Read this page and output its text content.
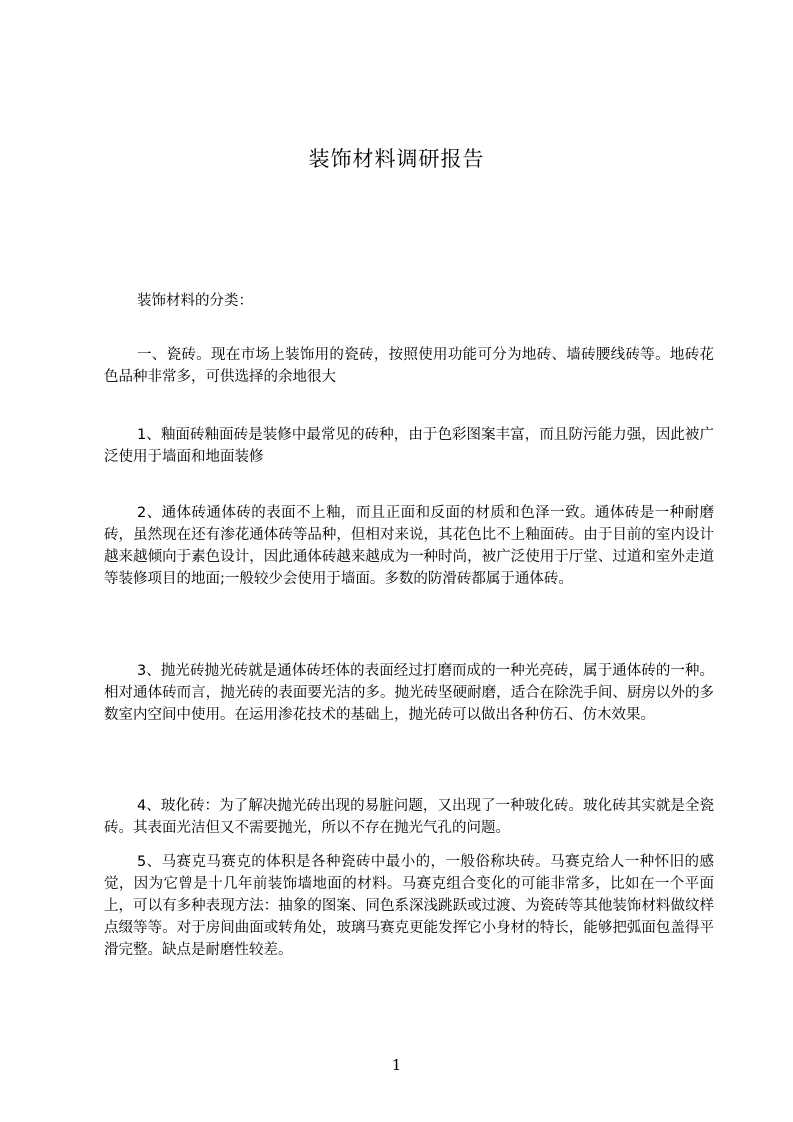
装饰材料调研报告
装饰材料的分类：

一、瓷砖。现在市场上装饰用的瓷砖，按照使用功能可分为地砖、墙砖腰线砖等。地砖花色品种非常多，可供选择的余地很大

1、釉面砖釉面砖是装修中最常见的砖种，由于色彩图案丰富，而且防污能力强，因此被广泛使用于墙面和地面装修

2、通体砖通体砖的表面不上釉，而且正面和反面的材质和色泽一致。通体砖是一种耐磨砖，虽然现在还有渗花通体砖等品种，但相对来说，其花色比不上釉面砖。由于目前的室内设计越来越倾向于素色设计，因此通体砖越来越成为一种时尚，被广泛使用于厅堂、过道和室外走道等装修项目的地面;一般较少会使用于墙面。多数的防滑砖都属于通体砖。

3、抛光砖抛光砖就是通体砖坯体的表面经过打磨而成的一种光亮砖，属于通体砖的一种。相对通体砖而言，抛光砖的表面要光洁的多。抛光砖坚硬耐磨，适合在除洗手间、厨房以外的多数室内空间中使用。在运用渗花技术的基础上，抛光砖可以做出各种仿石、仿木效果。

4、玻化砖：为了解决抛光砖出现的易脏问题，又出现了一种玻化砖。玻化砖其实就是全瓷砖。其表面光洁但又不需要抛光，所以不存在抛光气孔的问题。

5、马赛克马赛克的体积是各种瓷砖中最小的，一般俗称块砖。马赛克给人一种怀旧的感觉，因为它曾是十几年前装饰墙地面的材料。马赛克组合变化的可能非常多，比如在一个平面上，可以有多种表现方法：抽象的图案、同色系深浅跳跃或过渡、为瓷砖等其他装饰材料做纹样点缀等等。对于房间曲面或转角处，玻璃马赛克更能发挥它小身材的特长，能够把弧面包盖得平滑完整。缺点是耐磨性较差。

1
